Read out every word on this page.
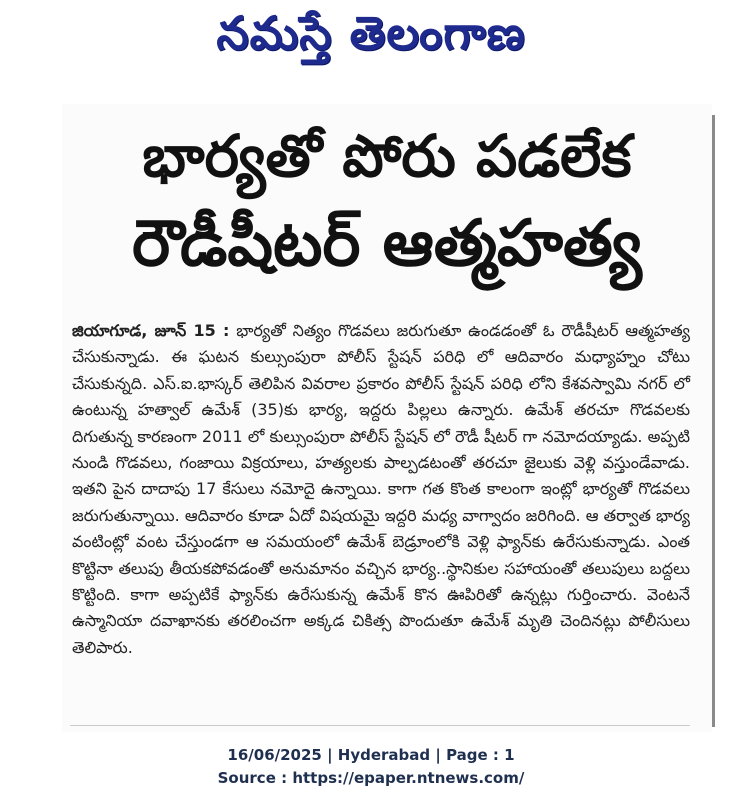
నమస్తే తెలంగాణ
భార్యతో పోరు పడలేక
రౌడీషీటర్ ఆత్మహత్య
జియాగూడ, జూన్ 15 : భార్యతో నిత్యం గొడవలు జరుగుతూ ఉండడంతో ఓ రౌడీషీటర్ ఆత్మహత్య చేసుకున్నాడు. ఈ ఘటన కుల్సుంపురా పోలీస్ స్టేషన్ పరిధి లో ఆదివారం మధ్యాహ్నం చోటు చేసుకున్నది. ఎస్.ఐ.భాస్కర్ తెలిపిన వివరాల ప్రకారం పోలీస్ స్టేషన్ పరిధి లోని కేశవస్వామి నగర్ లో ఉంటున్న హత్వాల్ ఉమేశ్ (35)కు భార్య, ఇద్దరు పిల్లలు ఉన్నారు. ఉమేశ్ తరచూ గొడవలకు దిగుతున్న కారణంగా 2011 లో కుల్సుంపురా పోలీస్ స్టేషన్ లో రౌడీ షీటర్ గా నమోదయ్యాడు. అప్పటి నుండి గొడవలు, గంజాయి విక్రయాలు, హత్యలకు పాల్పడటంతో తరచూ జైలుకు వెళ్లి వస్తుండేవాడు. ఇతని పైన దాదాపు 17 కేసులు నమోదై ఉన్నాయి. కాగా గత కొంత కాలంగా ఇంట్లో భార్యతో గొడవలు జరుగుతున్నాయి. ఆదివారం కూడా ఏదో విషయమై ఇద్దరి మధ్య వాగ్వాదం జరిగింది. ఆ తర్వాత భార్య వంటింట్లో వంట చేస్తుండగా ఆ సమయంలో ఉమేశ్ బెడ్రూంలోకి వెళ్లి ఫ్యాన్‌కు ఉరేసుకున్నాడు. ఎంత కొట్టినా తలుపు తీయకపోవడంతో అనుమానం వచ్చిన భార్య..స్థానికుల సహాయంతో తలుపులు బద్దలు కొట్టింది. కాగా అప్పటికే ఫ్యాన్‌కు ఉరేసుకున్న ఉమేశ్ కొన ఊపిరితో ఉన్నట్లు గుర్తించారు. వెంటనే ఉస్మానియా దవాఖానకు తరలించగా అక్కడ చికిత్స పొందుతూ ఉమేశ్ మృతి చెందినట్లు పోలీసులు తెలిపారు.
16/06/2025 | Hyderabad | Page : 1
Source : https://epaper.ntnews.com/
